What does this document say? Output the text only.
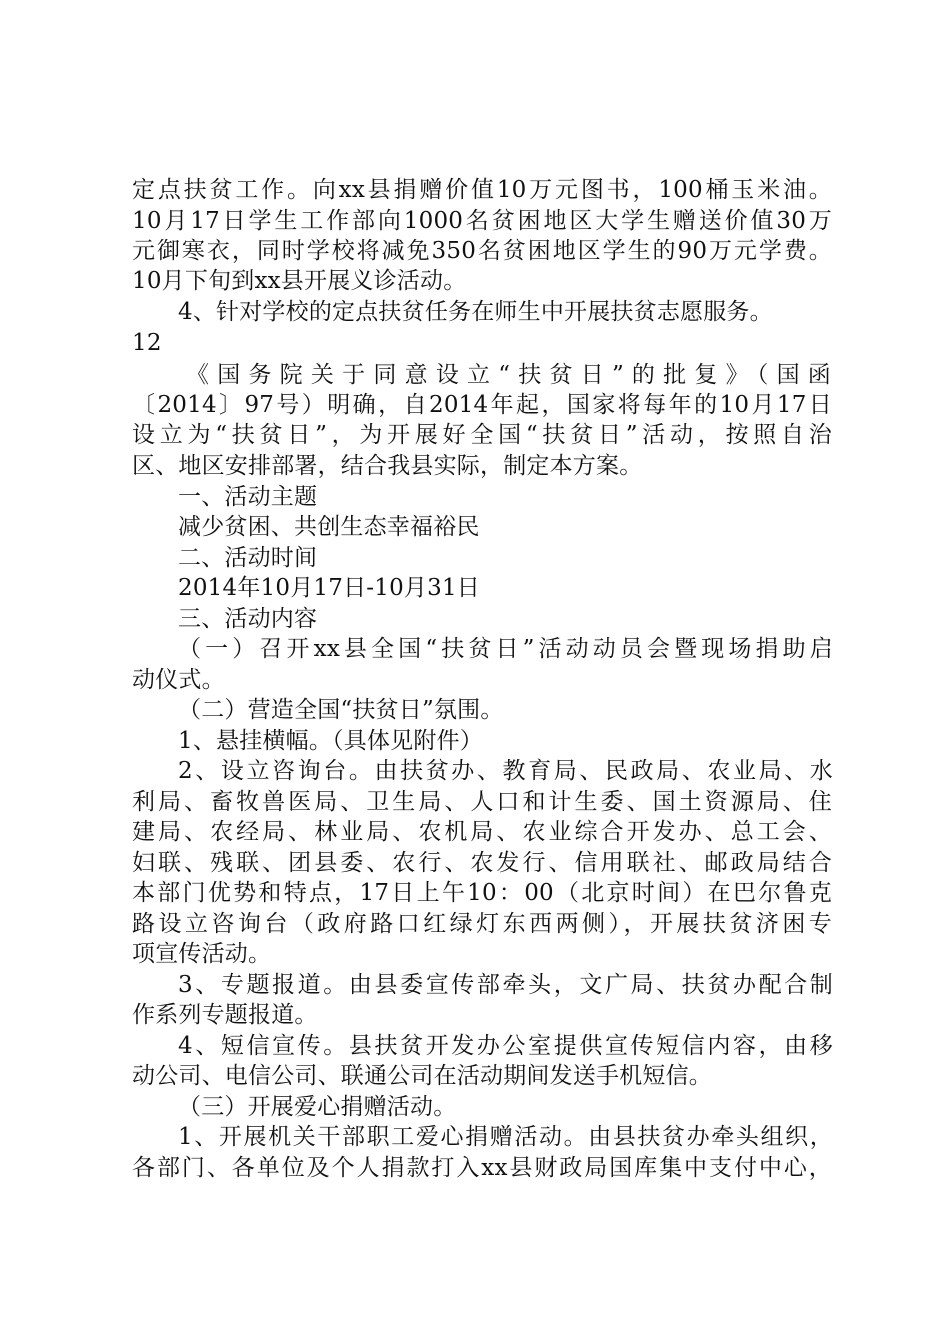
定点扶贫工作。向xx县捐赠价值10万元图书，100桶玉米油。
10月17日学生工作部向1000名贫困地区大学生赠送价值30万
元御寒衣，同时学校将减免350名贫困地区学生的90万元学费。
10月下旬到xx县开展义诊活动。
4、针对学校的定点扶贫任务在师生中开展扶贫志愿服务。
12
《国务院关于同意设立“扶贫日”的批复》（国函
〔2014〕97号）明确，自2014年起，国家将每年的10月17日
设立为“扶贫日”，为开展好全国“扶贫日”活动，按照自治
区、地区安排部署，结合我县实际，制定本方案。
一、活动主题
减少贫困、共创生态幸福裕民
二、活动时间
2014年10月17日-10月31日
三、活动内容
（一）召开xx县全国“扶贫日”活动动员会暨现场捐助启
动仪式。
（二）营造全国“扶贫日”氛围。
1、悬挂横幅。（具体见附件）
2、设立咨询台。由扶贫办、教育局、民政局、农业局、水
利局、畜牧兽医局、卫生局、人口和计生委、国土资源局、住
建局、农经局、林业局、农机局、农业综合开发办、总工会、
妇联、残联、团县委、农行、农发行、信用联社、邮政局结合
本部门优势和特点，17日上午10：00（北京时间）在巴尔鲁克
路设立咨询台（政府路口红绿灯东西两侧），开展扶贫济困专
项宣传活动。
3、专题报道。由县委宣传部牵头，文广局、扶贫办配合制
作系列专题报道。
4、短信宣传。县扶贫开发办公室提供宣传短信内容，由移
动公司、电信公司、联通公司在活动期间发送手机短信。
（三）开展爱心捐赠活动。
1、开展机关干部职工爱心捐赠活动。由县扶贫办牵头组织，
各部门、各单位及个人捐款打入xx县财政局国库集中支付中心，
